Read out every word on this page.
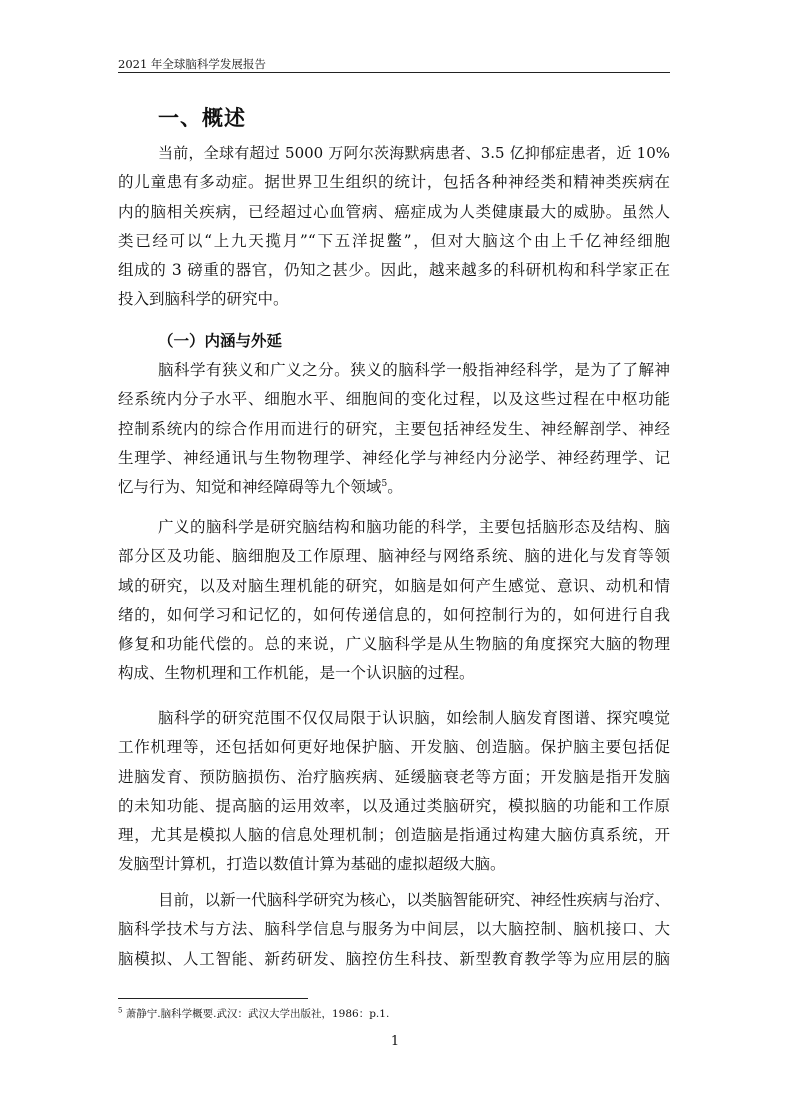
2021 年全球脑科学发展报告
一、概述
当前，全球有超过 5000 万阿尔茨海默病患者、3.5 亿抑郁症患者，近 10%
的儿童患有多动症。据世界卫生组织的统计，包括各种神经类和精神类疾病在
内的脑相关疾病，已经超过心血管病、癌症成为人类健康最大的威胁。虽然人
类已经可以“上九天揽月”“下五洋捉鳖”，但对大脑这个由上千亿神经细胞
组成的 3 磅重的器官，仍知之甚少。因此，越来越多的科研机构和科学家正在
投入到脑科学的研究中。
（一）内涵与外延
脑科学有狭义和广义之分。狭义的脑科学一般指神经科学，是为了了解神
经系统内分子水平、细胞水平、细胞间的变化过程，以及这些过程在中枢功能
控制系统内的综合作用而进行的研究，主要包括神经发生、神经解剖学、神经
生理学、神经通讯与生物物理学、神经化学与神经内分泌学、神经药理学、记
忆与行为、知觉和神经障碍等九个领域$^5$。
广义的脑科学是研究脑结构和脑功能的科学，主要包括脑形态及结构、脑
部分区及功能、脑细胞及工作原理、脑神经与网络系统、脑的进化与发育等领
域的研究，以及对脑生理机能的研究，如脑是如何产生感觉、意识、动机和情
绪的，如何学习和记忆的，如何传递信息的，如何控制行为的，如何进行自我
修复和功能代偿的。总的来说，广义脑科学是从生物脑的角度探究大脑的物理
构成、生物机理和工作机能，是一个认识脑的过程。
脑科学的研究范围不仅仅局限于认识脑，如绘制人脑发育图谱、探究嗅觉
工作机理等，还包括如何更好地保护脑、开发脑、创造脑。保护脑主要包括促
进脑发育、预防脑损伤、治疗脑疾病、延缓脑衰老等方面；开发脑是指开发脑
的未知功能、提高脑的运用效率，以及通过类脑研究，模拟脑的功能和工作原
理，尤其是模拟人脑的信息处理机制；创造脑是指通过构建大脑仿真系统，开
发脑型计算机，打造以数值计算为基础的虚拟超级大脑。
目前，以新一代脑科学研究为核心，以类脑智能研究、神经性疾病与治疗、
脑科学技术与方法、脑科学信息与服务为中间层，以大脑控制、脑机接口、大
脑模拟、人工智能、新药研发、脑控仿生科技、新型教育教学等为应用层的脑
$^5$ 萧静宁.脑科学概要.武汉：武汉大学出版社，1986：p.1.
1
